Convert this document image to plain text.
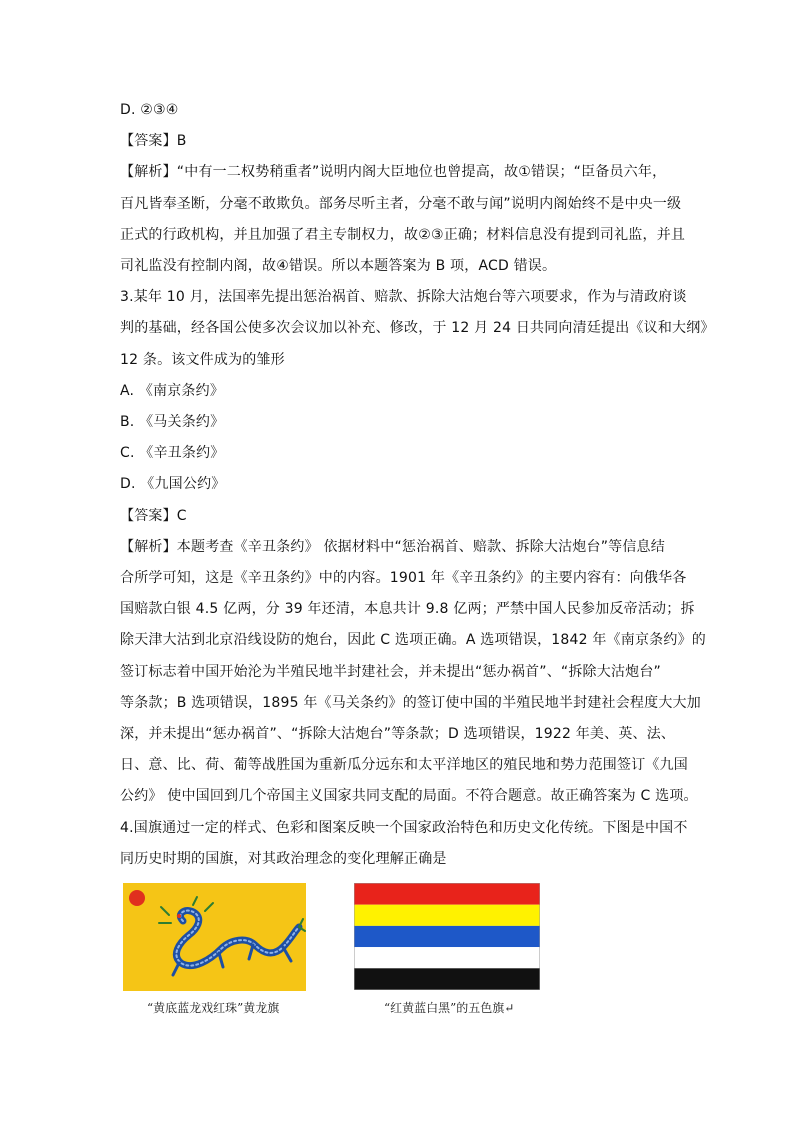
D. ②③④
【答案】B
【解析】“中有一二权势稍重者”说明内阁大臣地位也曾提高，故①错误；“臣备员六年，
百凡皆奉圣断，分毫不敢欺负。部务尽听主者，分毫不敢与闻”说明内阁始终不是中央一级
正式的行政机构，并且加强了君主专制权力，故②③正确；材料信息没有提到司礼监，并且
司礼监没有控制内阁，故④错误。所以本题答案为 B 项，ACD 错误。
3.某年 10 月，法国率先提出惩治祸首、赔款、拆除大沽炮台等六项要求，作为与清政府谈
判的基础，经各国公使多次会议加以补充、修改，于 12 月 24 日共同向清廷提出《议和大纲》
12 条。该文件成为的雏形
A. 《南京条约》
B. 《马关条约》
C. 《辛丑条约》
D. 《九国公约》
【答案】C
【解析】本题考查《辛丑条约》 依据材料中“惩治祸首、赔款、拆除大沽炮台”等信息结
合所学可知，这是《辛丑条约》中的内容。1901 年《辛丑条约》的主要内容有：向俄华各
国赔款白银 4.5 亿两，分 39 年还清，本息共计 9.8 亿两；严禁中国人民参加反帝活动；拆
除天津大沽到北京沿线设防的炮台，因此 C 选项正确。A 选项错误，1842 年《南京条约》的
签订标志着中国开始沦为半殖民地半封建社会，并未提出“惩办祸首”、“拆除大沽炮台”
等条款；B 选项错误，1895 年《马关条约》的签订使中国的半殖民地半封建社会程度大大加
深，并未提出“惩办祸首”、“拆除大沽炮台”等条款；D 选项错误，1922 年美、英、法、
日、意、比、荷、葡等战胜国为重新瓜分远东和太平洋地区的殖民地和势力范围签订《九国
公约》 使中国回到几个帝国主义国家共同支配的局面。不符合题意。故正确答案为 C 选项。
4.国旗通过一定的样式、色彩和图案反映一个国家政治特色和历史文化传统。下图是中国不
同历史时期的国旗，对其政治理念的变化理解正确是
“黄底蓝龙戏红珠”黄龙旗	“红黄蓝白黑”的五色旗↵
